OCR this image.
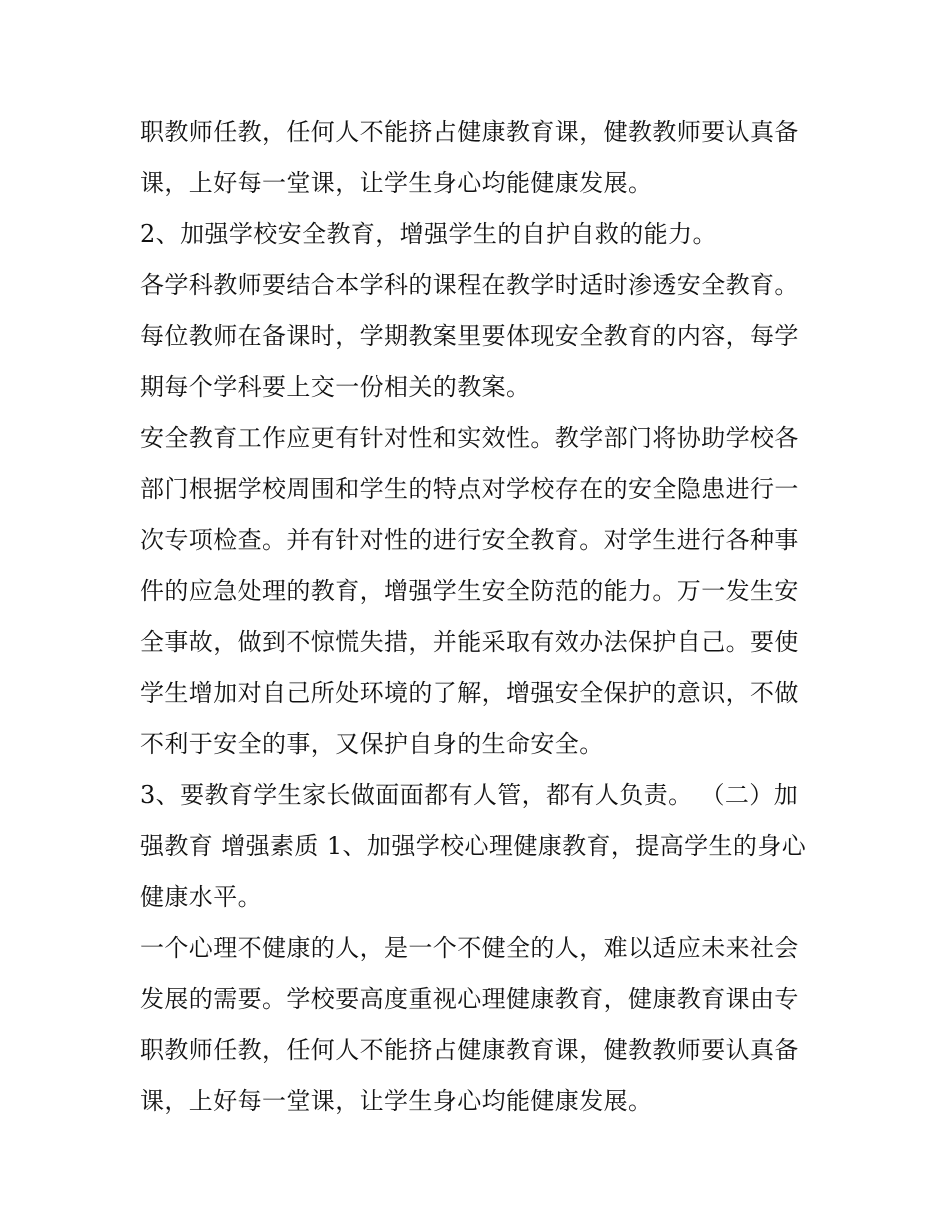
职教师任教，任何人不能挤占健康教育课，健教教师要认真备
课，上好每一堂课，让学生身心均能健康发展。
2、加强学校安全教育，增强学生的自护自救的能力。
各学科教师要结合本学科的课程在教学时适时渗透安全教育。
每位教师在备课时，学期教案里要体现安全教育的内容，每学
期每个学科要上交一份相关的教案。
安全教育工作应更有针对性和实效性。教学部门将协助学校各
部门根据学校周围和学生的特点对学校存在的安全隐患进行一
次专项检查。并有针对性的进行安全教育。对学生进行各种事
件的应急处理的教育，增强学生安全防范的能力。万一发生安
全事故，做到不惊慌失措，并能采取有效办法保护自己。要使
学生增加对自己所处环境的了解，增强安全保护的意识，不做
不利于安全的事，又保护自身的生命安全。
3、要教育学生家长做面面都有人管，都有人负责。 （二）加
强教育 增强素质 1、加强学校心理健康教育，提高学生的身心
健康水平。
一个心理不健康的人，是一个不健全的人，难以适应未来社会
发展的需要。学校要高度重视心理健康教育，健康教育课由专
职教师任教，任何人不能挤占健康教育课，健教教师要认真备
课，上好每一堂课，让学生身心均能健康发展。
